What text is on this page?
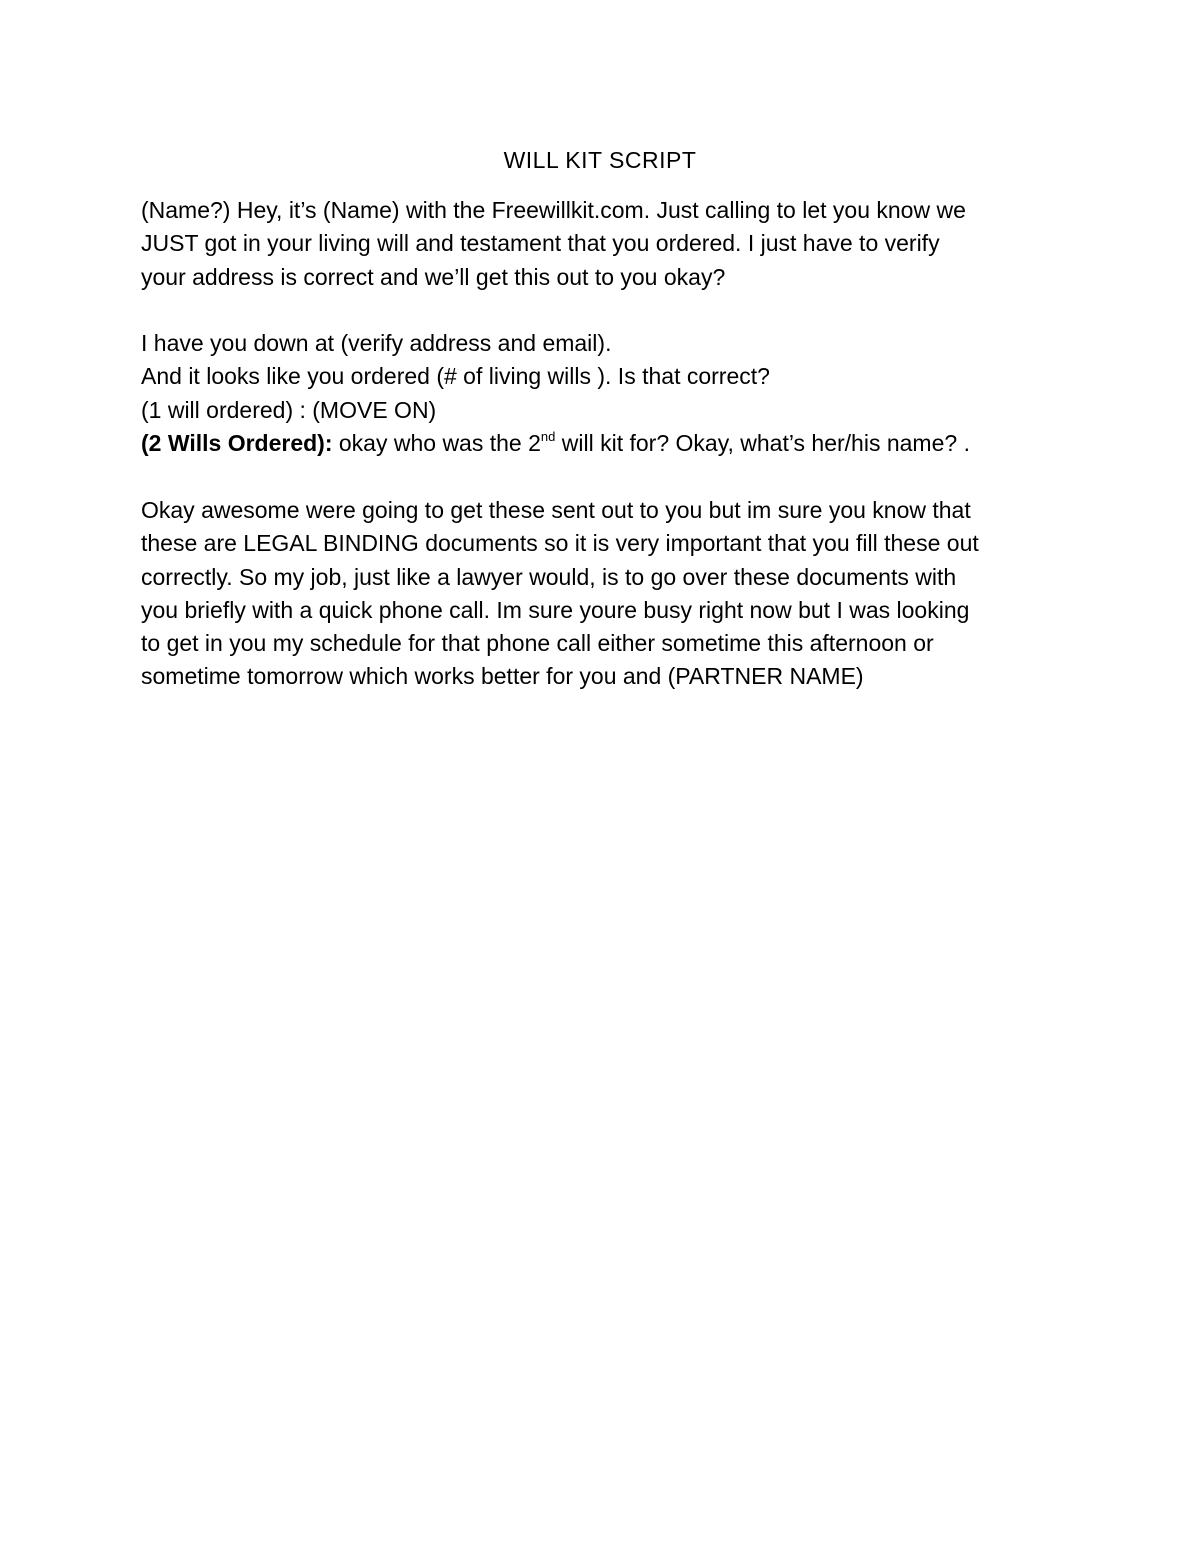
WILL KIT SCRIPT
(Name?) Hey, it’s (Name) with the Freewillkit.com. Just calling to let you know we
JUST got in your living will and testament that you ordered. I just have to verify
your address is correct and we’ll get this out to you okay?
I have you down at (verify address and email).
And it looks like you ordered (# of living wills ). Is that correct?
(1 will ordered) : (MOVE ON)
(2 Wills Ordered): okay who was the 2nd will kit for? Okay, what’s her/his name? .
Okay awesome were going to get these sent out to you but im sure you know that
these are LEGAL BINDING documents so it is very important that you fill these out
correctly. So my job, just like a lawyer would, is to go over these documents with
you briefly with a quick phone call. Im sure youre busy right now but I was looking
to get in you my schedule for that phone call either sometime this afternoon or
sometime tomorrow which works better for you and (PARTNER NAME)
